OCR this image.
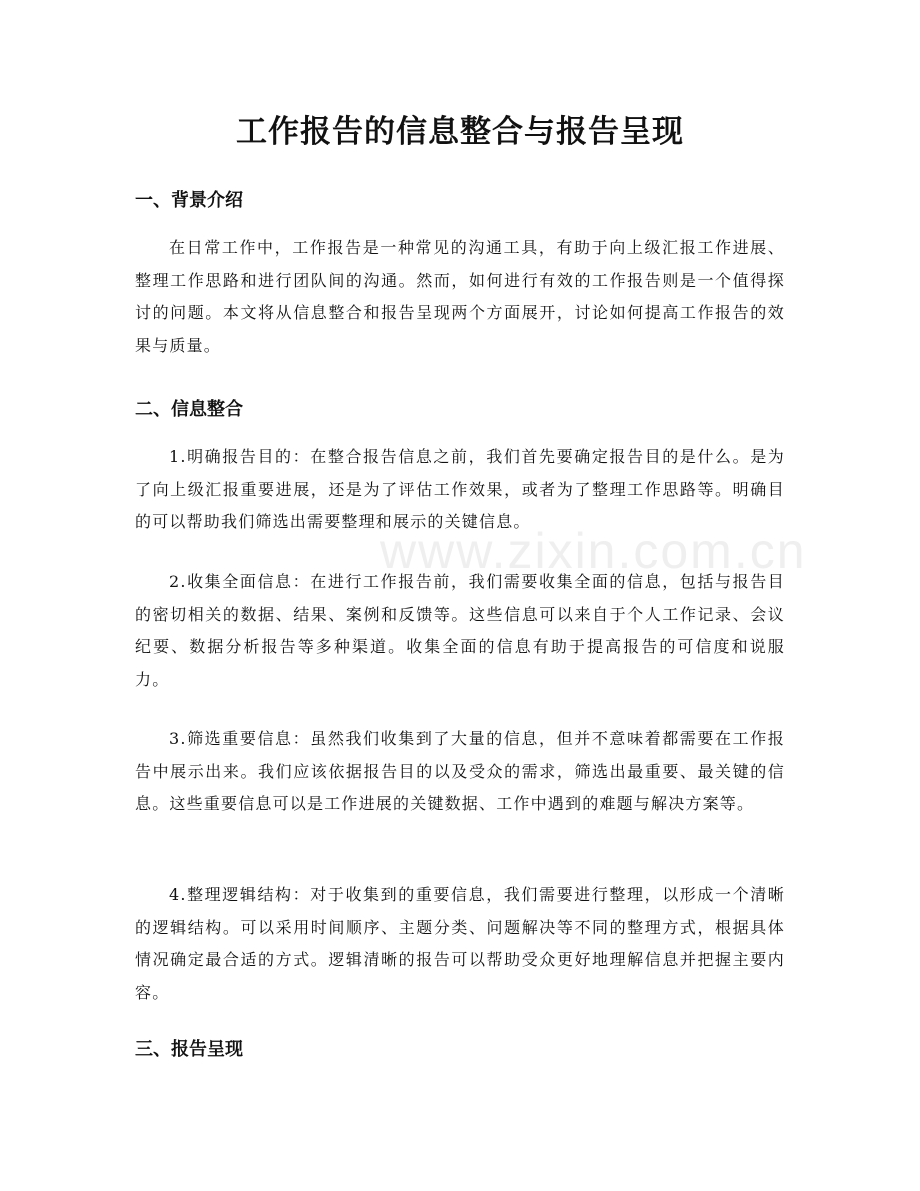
www.zixin.com.cn
工作报告的信息整合与报告呈现
一、背景介绍

在日常工作中，工作报告是一种常见的沟通工具，有助于向上级汇报工作进展、整理工作思路和进行团队间的沟通。然而，如何进行有效的工作报告则是一个值得探讨的问题。本文将从信息整合和报告呈现两个方面展开，讨论如何提高工作报告的效果与质量。

二、信息整合

1.明确报告目的：在整合报告信息之前，我们首先要确定报告目的是什么。是为了向上级汇报重要进展，还是为了评估工作效果，或者为了整理工作思路等。明确目的可以帮助我们筛选出需要整理和展示的关键信息。

2.收集全面信息：在进行工作报告前，我们需要收集全面的信息，包括与报告目的密切相关的数据、结果、案例和反馈等。这些信息可以来自于个人工作记录、会议纪要、数据分析报告等多种渠道。收集全面的信息有助于提高报告的可信度和说服力。

3.筛选重要信息：虽然我们收集到了大量的信息，但并不意味着都需要在工作报告中展示出来。我们应该依据报告目的以及受众的需求，筛选出最重要、最关键的信息。这些重要信息可以是工作进展的关键数据、工作中遇到的难题与解决方案等。

4.整理逻辑结构：对于收集到的重要信息，我们需要进行整理，以形成一个清晰的逻辑结构。可以采用时间顺序、主题分类、问题解决等不同的整理方式，根据具体情况确定最合适的方式。逻辑清晰的报告可以帮助受众更好地理解信息并把握主要内容。

三、报告呈现
